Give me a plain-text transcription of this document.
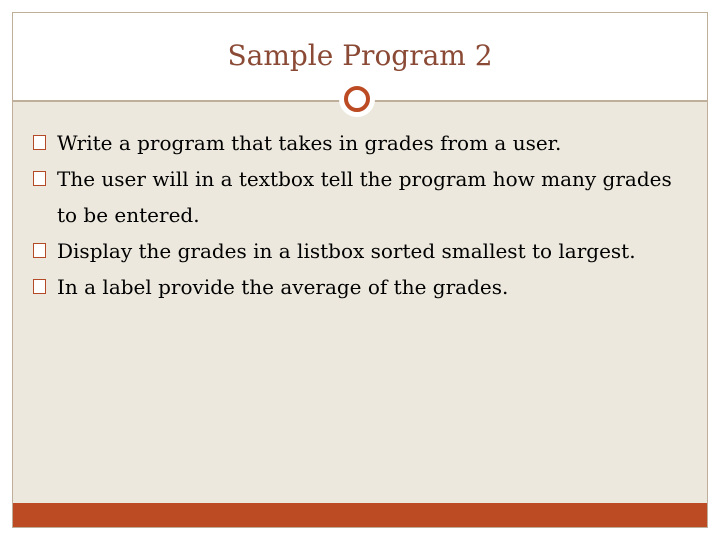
Sample Program 2
Write a program that takes in grades from a user.
The user will in a textbox tell the program how many grades to be entered.
Display the grades in a listbox sorted smallest to largest.
In a label provide the average of the grades.
